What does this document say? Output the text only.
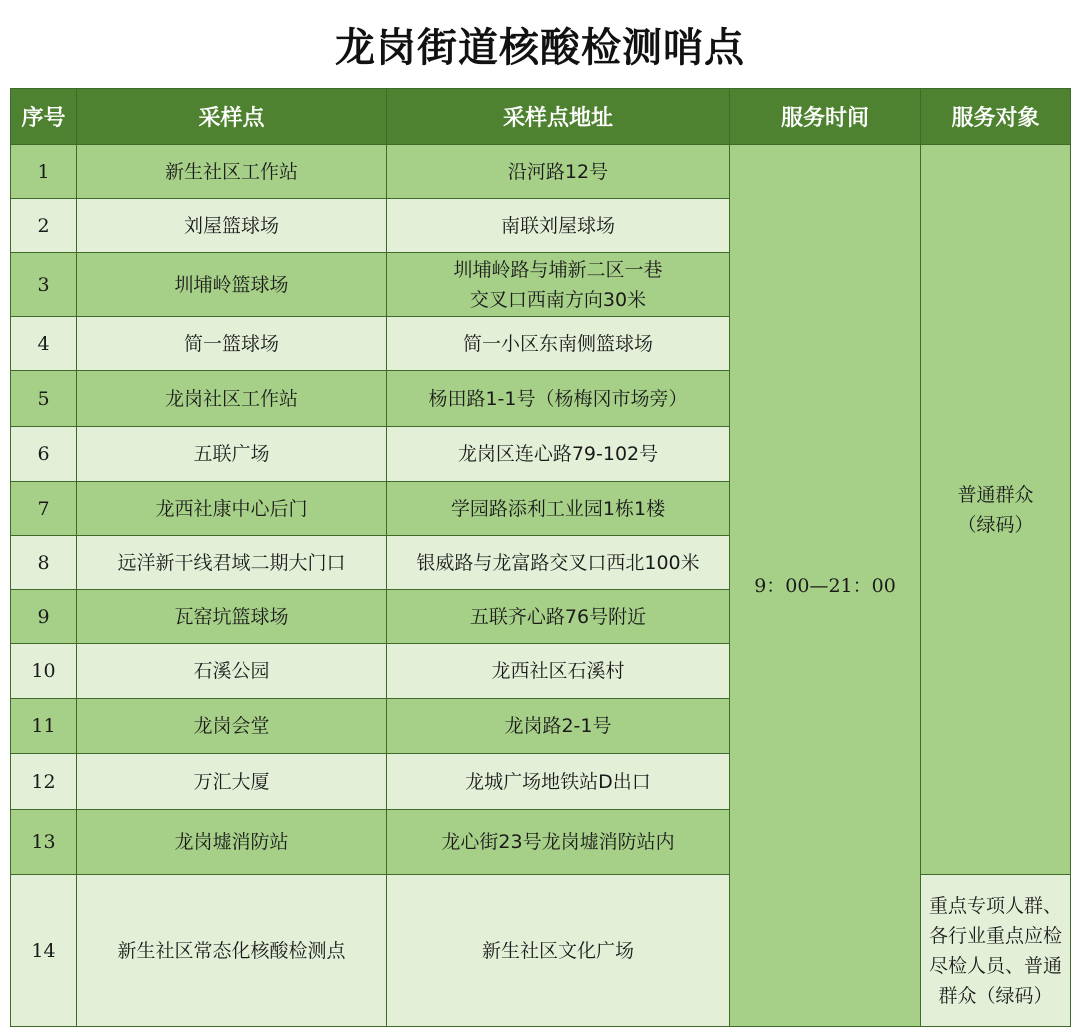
龙岗街道核酸检测哨点
序号	采样点	采样点地址	服务时间	服务对象
1	新生社区工作站	沿河路12号	9：00—21：00	普通群众
（绿码）

2	刘屋篮球场	南联刘屋球场		
3	圳埔岭篮球场	圳埔岭路与埔新二区一巷
交叉口西南方向30米		

4	简一篮球场	简一小区东南侧篮球场		
5	龙岗社区工作站	杨田路1-1号（杨梅冈市场旁）		
6	五联广场	龙岗区连心路79-102号		
7	龙西社康中心后门	学园路添利工业园1栋1楼		
8	远洋新干线君域二期大门口	银威路与龙富路交叉口西北100米		
9	瓦窑坑篮球场	五联齐心路76号附近		
10	石溪公园	龙西社区石溪村		
11	龙岗会堂	龙岗路2-1号		
12	万汇大厦	龙城广场地铁站D出口		
13	龙岗墟消防站	龙心街23号龙岗墟消防站内		
14	新生社区常态化核酸检测点	新生社区文化广场		重点专项人群、各行业重点应检尽检人员、普通群众（绿码）
